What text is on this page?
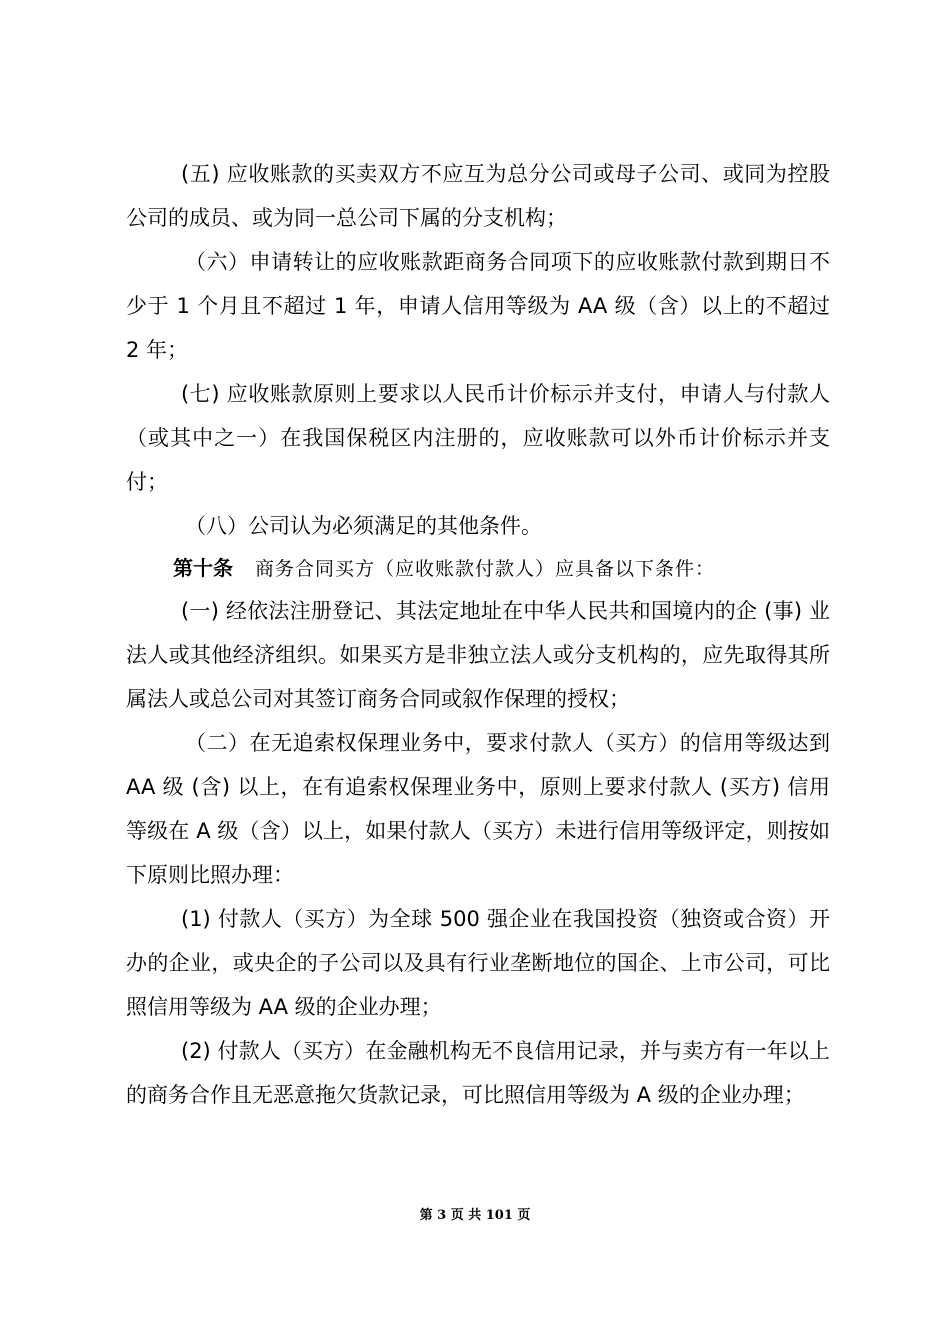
(五) 应收账款的买卖双方不应互为总分公司或母子公司、或同为控股公司的成员、或为同一总公司下属的分支机构；

（六）申请转让的应收账款距商务合同项下的应收账款付款到期日不少于 1 个月且不超过 1 年，申请人信用等级为 AA 级（含）以上的不超过 2 年；

(七) 应收账款原则上要求以人民币计价标示并支付，申请人与付款人（或其中之一）在我国保税区内注册的，应收账款可以外币计价标示并支付；

（八）公司认为必须满足的其他条件。

第十条 商务合同买方（应收账款付款人）应具备以下条件：

(一) 经依法注册登记、其法定地址在中华人民共和国境内的企 (事) 业法人或其他经济组织。如果买方是非独立法人或分支机构的，应先取得其所属法人或总公司对其签订商务合同或叙作保理的授权；

（二）在无追索权保理业务中，要求付款人（买方）的信用等级达到 AA 级 (含) 以上，在有追索权保理业务中，原则上要求付款人 (买方) 信用等级在 A 级（含）以上，如果付款人（买方）未进行信用等级评定，则按如下原则比照办理：

(1) 付款人（买方）为全球 500 强企业在我国投资（独资或合资）开办的企业，或央企的子公司以及具有行业垄断地位的国企、上市公司，可比照信用等级为 AA 级的企业办理；

(2) 付款人（买方）在金融机构无不良信用记录，并与卖方有一年以上的商务合作且无恶意拖欠货款记录，可比照信用等级为 A 级的企业办理；

第 3 页 共 101 页
